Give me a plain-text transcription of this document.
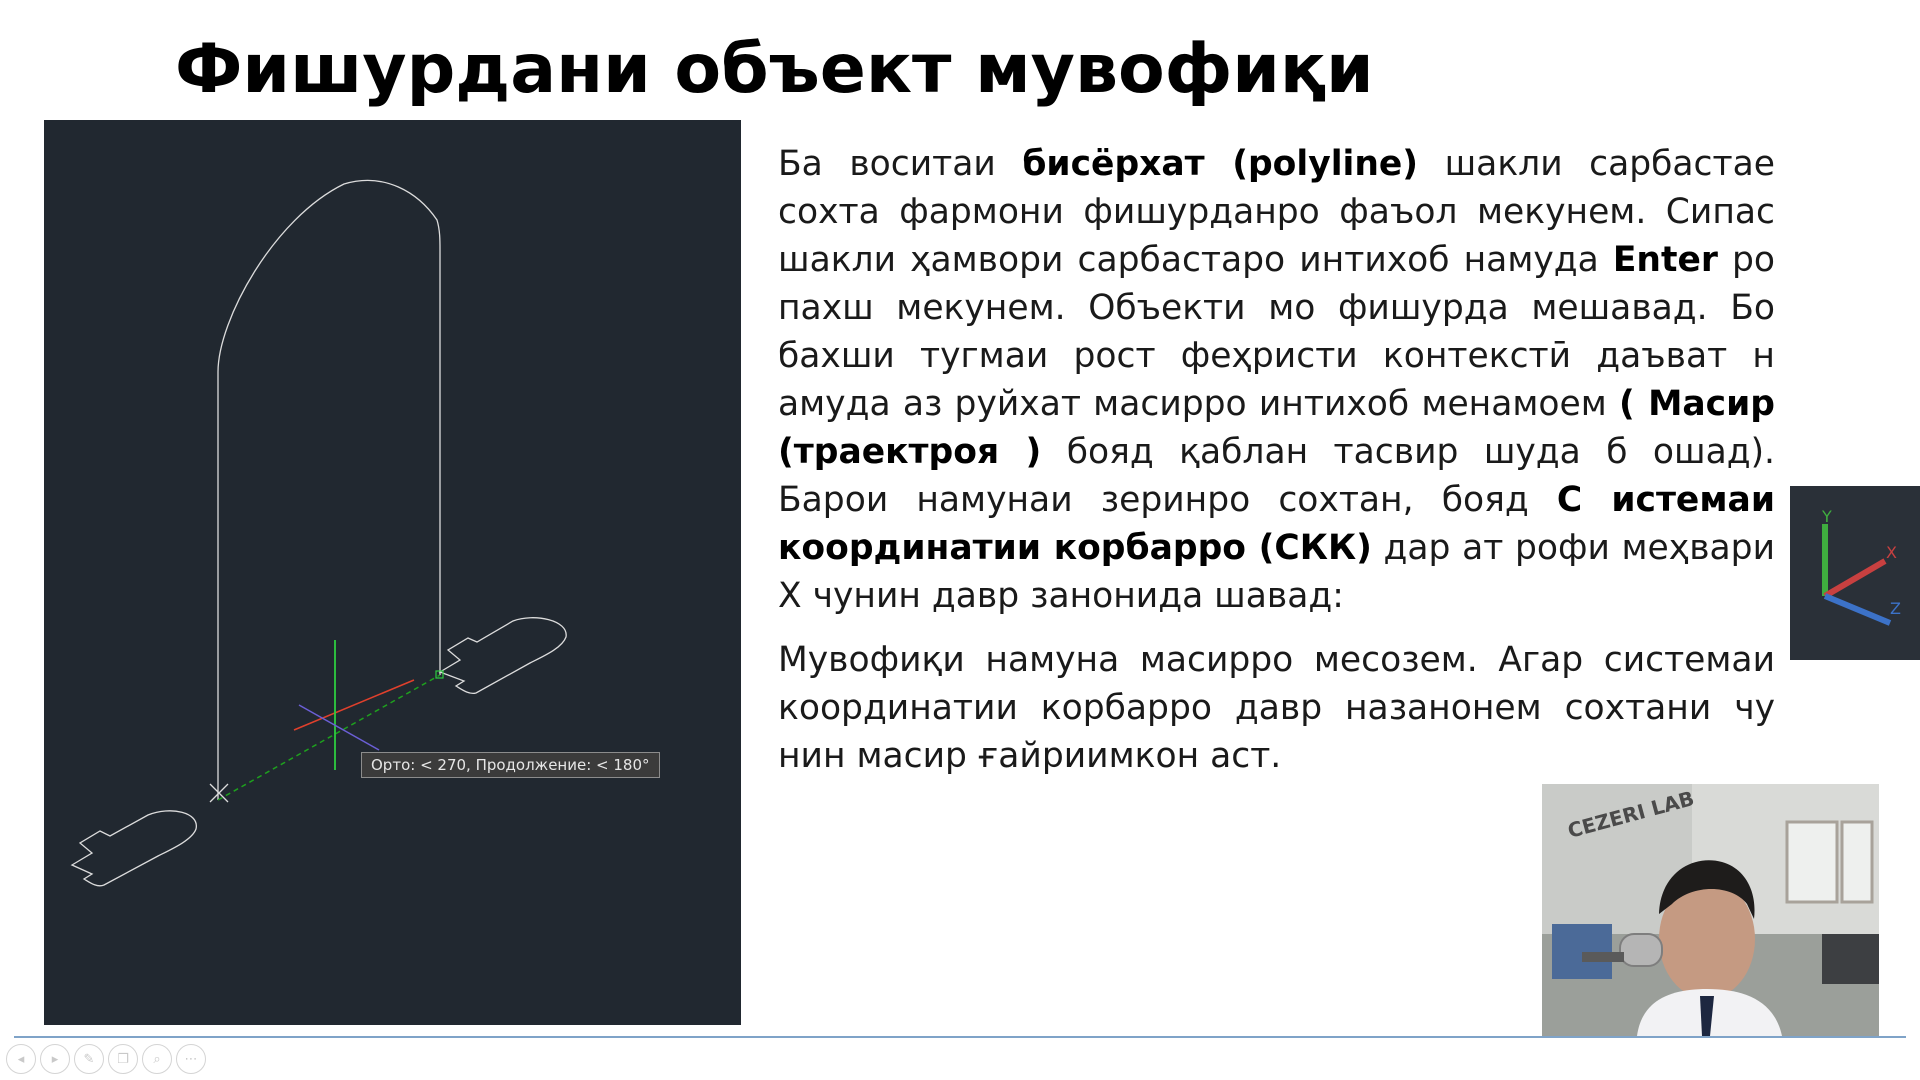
Фишурдани объект мувофиқи
Орто: < 270, Продолжение: < 180°

Ба воситаи бисёрхат (polyline) шакли сарбастае сохта фармони фишурданро фаъол мекунем. Сипас шакли ҳамвори сарбастаро интихоб намуда Enter ро пахш мекунем. Объекти мо фишурда мешавад. Бо бахши тугмаи рост феҳристи контекстӣ даъват н амуда аз руйхат масирро интихоб менамоем ( Масир (траектроя ) бояд қаблан тасвир шуда б ошад). Барои намунаи зеринро сохтан, бояд С истемаи координатии корбарро (СКК) дар ат рофи меҳвари X чунин давр занонида шавад:

Мувофиқи намуна масирро месозем. Агар системаи координатии корбарро давр назанонем сохтани чу нин масир ғайриимкон аст.

Y
X
Z
CEZERI LAB
◂	▸	✎	❐	⌕	⋯
